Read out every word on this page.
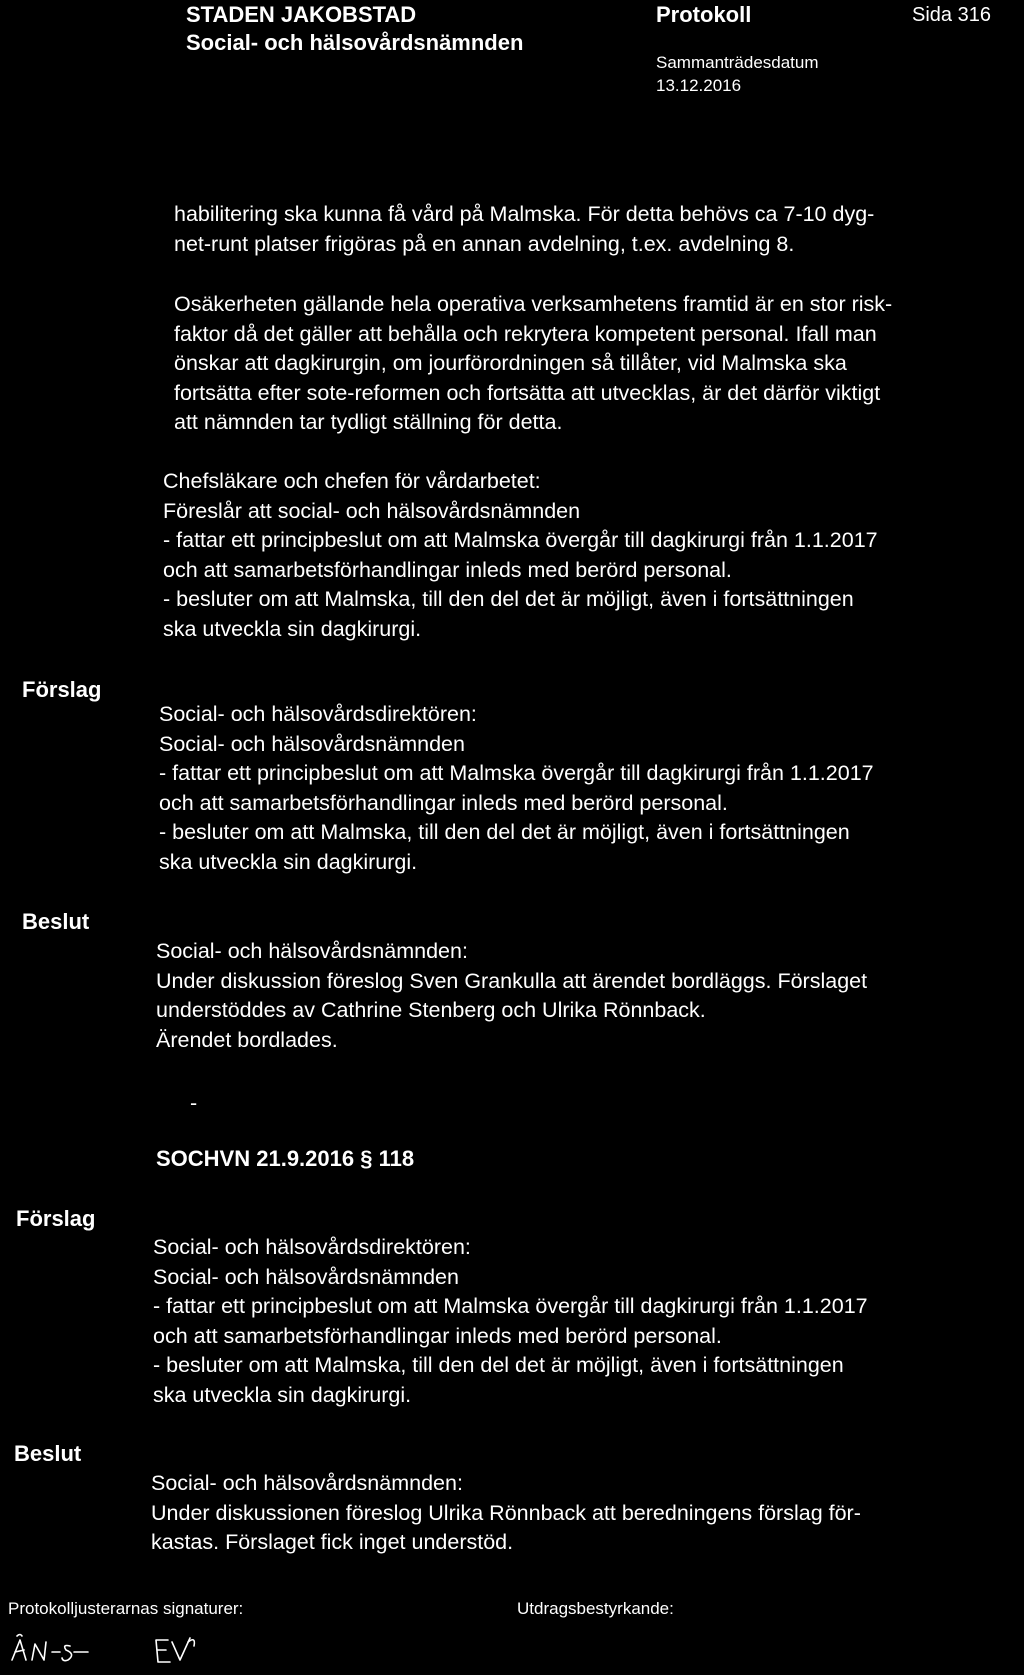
STADEN JAKOBSTAD
Social- och hälsovårdsnämnden
Protokoll	Sida 316
Sammanträdesdatum
13.12.2016
habilitering ska kunna få vård på Malmska. För detta behövs ca 7-10 dyg-
net-runt platser frigöras på en annan avdelning, t.ex. avdelning 8.
Osäkerheten gällande hela operativa verksamhetens framtid är en stor risk-
faktor då det gäller att behålla och rekrytera kompetent personal. Ifall man
önskar att dagkirurgin, om jourförordningen så tillåter, vid Malmska ska
fortsätta efter sote-reformen och fortsätta att utvecklas, är det därför viktigt
att nämnden tar tydligt ställning för detta.
Chefsläkare och chefen för vårdarbetet:
Föreslår att social- och hälsovårdsnämnden
- fattar ett principbeslut om att Malmska övergår till dagkirurgi från 1.1.2017
och att samarbetsförhandlingar inleds med berörd personal.
- besluter om att Malmska, till den del det är möjligt, även i fortsättningen
ska utveckla sin dagkirurgi.
Förslag
Social- och hälsovårdsdirektören:
Social- och hälsovårdsnämnden
- fattar ett principbeslut om att Malmska övergår till dagkirurgi från 1.1.2017
och att samarbetsförhandlingar inleds med berörd personal.
- besluter om att Malmska, till den del det är möjligt, även i fortsättningen
ska utveckla sin dagkirurgi.
Beslut
Social- och hälsovårdsnämnden:
Under diskussion föreslog Sven Grankulla att ärendet bordläggs. Förslaget
understöddes av Cathrine Stenberg och Ulrika Rönnback.
Ärendet bordlades.
-
SOCHVN 21.9.2016 § 118
Förslag
Social- och hälsovårdsdirektören:
Social- och hälsovårdsnämnden
- fattar ett principbeslut om att Malmska övergår till dagkirurgi från 1.1.2017
och att samarbetsförhandlingar inleds med berörd personal.
- besluter om att Malmska, till den del det är möjligt, även i fortsättningen
ska utveckla sin dagkirurgi.
Beslut
Social- och hälsovårdsnämnden:
Under diskussionen föreslog Ulrika Rönnback att beredningens förslag för-
kastas. Förslaget fick inget understöd.
Protokolljusterarnas signaturer:	Utdragsbestyrkande:
